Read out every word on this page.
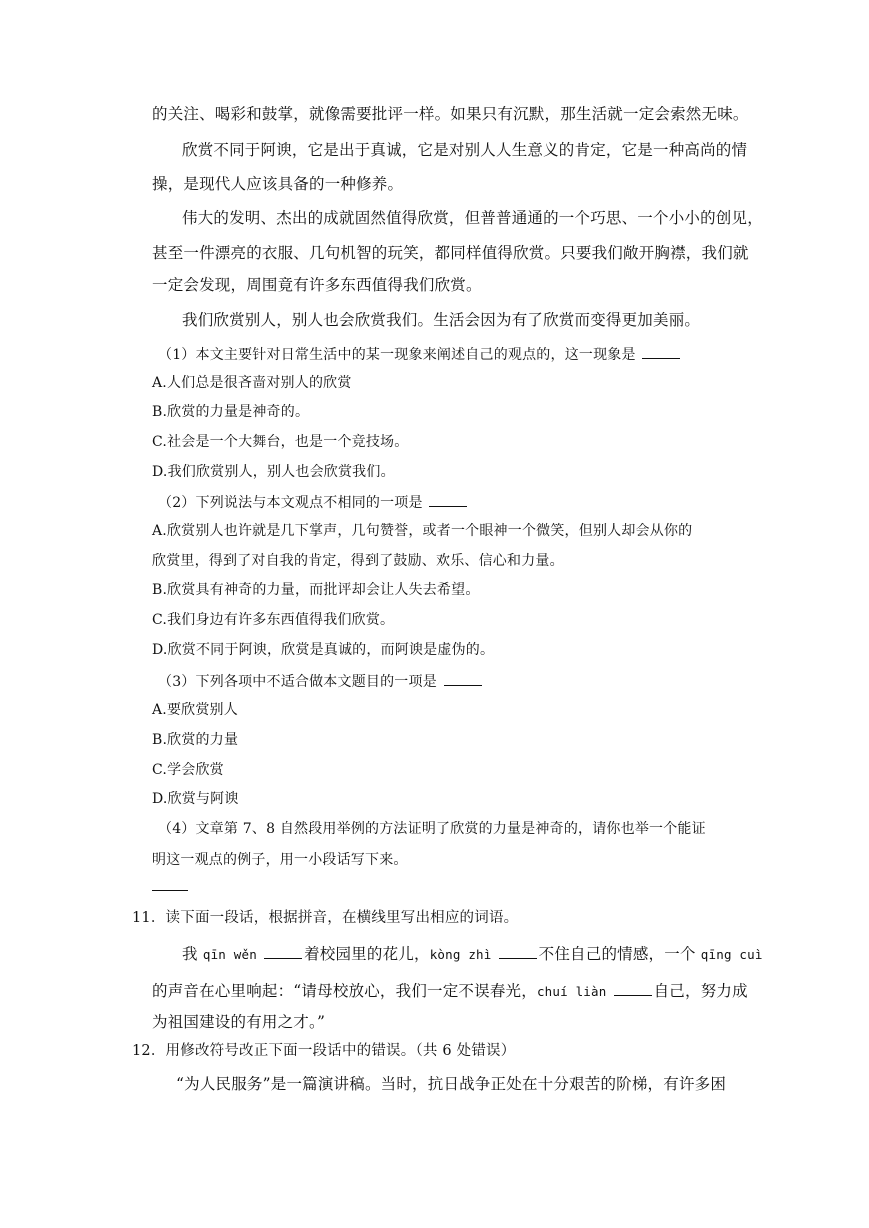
的关注、喝彩和鼓掌，就像需要批评一样。如果只有沉默，那生活就一定会索然无味。
欣赏不同于阿谀，它是出于真诚，它是对别人人生意义的肯定，它是一种高尚的情
操，是现代人应该具备的一种修养。
伟大的发明、杰出的成就固然值得欣赏，但普普通通的一个巧思、一个小小的创见，
甚至一件漂亮的衣服、几句机智的玩笑，都同样值得欣赏。只要我们敞开胸襟，我们就
一定会发现，周围竟有许多东西值得我们欣赏。
我们欣赏别人，别人也会欣赏我们。生活会因为有了欣赏而变得更加美丽。
（1）本文主要针对日常生活中的某一现象来阐述自己的观点的，这一现象是
A.人们总是很吝啬对别人的欣赏
B.欣赏的力量是神奇的。
C.社会是一个大舞台，也是一个竞技场。
D.我们欣赏别人，别人也会欣赏我们。
（2）下列说法与本文观点不相同的一项是
A.欣赏别人也许就是几下掌声，几句赞誉，或者一个眼神一个微笑，但别人却会从你的
欣赏里，得到了对自我的肯定，得到了鼓励、欢乐、信心和力量。
B.欣赏具有神奇的力量，而批评却会让人失去希望。
C.我们身边有许多东西值得我们欣赏。
D.欣赏不同于阿谀，欣赏是真诚的，而阿谀是虚伪的。
（3）下列各项中不适合做本文题目的一项是
A.要欣赏别人
B.欣赏的力量
C.学会欣赏
D.欣赏与阿谀
（4）文章第 7、8 自然段用举例的方法证明了欣赏的力量是神奇的，请你也举一个能证
明这一观点的例子，用一小段话写下来。
11．读下面一段话，根据拼音，在横线里写出相应的词语。
我 qīn wěn	着校园里的花儿，kòng zhì	不住自己的情感，一个 qīng cuì
的声音在心里响起：“请母校放心，我们一定不误春光，chuí liàn	自己，努力成
为祖国建设的有用之才。”
12．用修改符号改正下面一段话中的错误。（共 6 处错误）
“为人民服务”是一篇演讲稿。当时，抗日战争正处在十分艰苦的阶梯，有许多困
